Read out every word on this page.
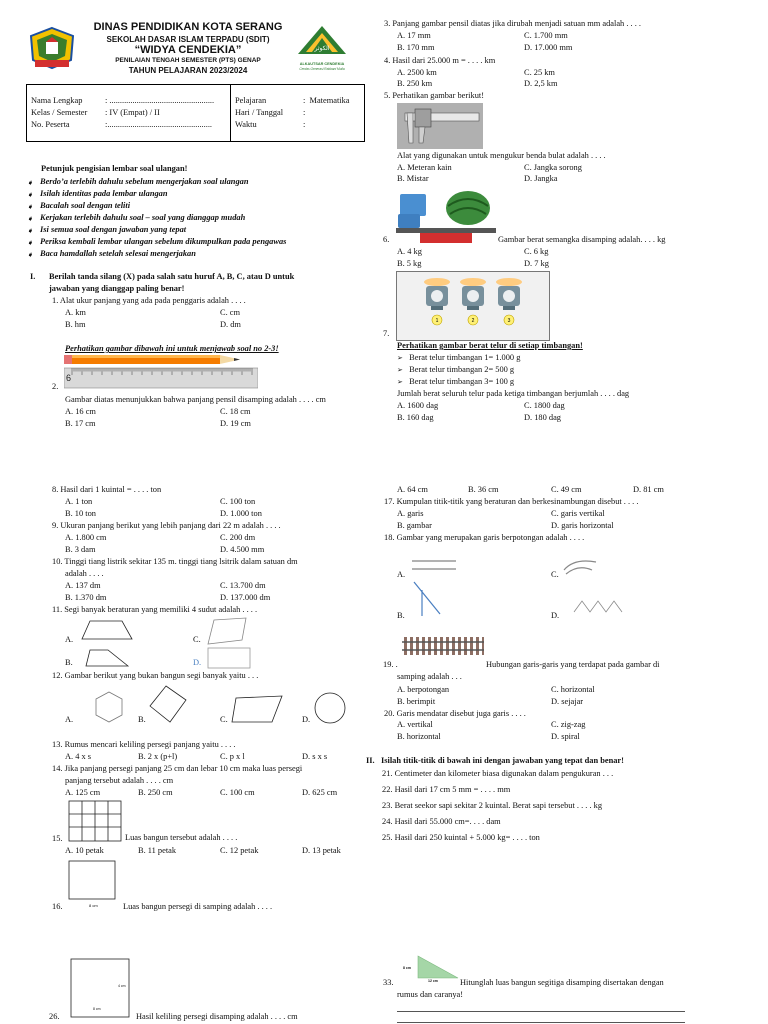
DINAS PENDIDIKAN KOTA SERANG
SEKOLAH DASAR ISLAM TERPADU (SDIT)
“WIDYA CENDEKIA”
PENILAIAN TENGAH SEMESTER (PTS) GENAP
TAHUN PELAJARAN 2023/2024
الكوثر
ALKAUTSAR CENDEKIA
Cerdas Generasi Rabbani Mulia
Nama Lengkap	: ..................................................	Pelajaran	: Matematika
Kelas / Semester	: IV (Empat) / II	Hari / Tanggal	:
No. Peserta	:..................................................	Waktu	:
Petunjuk pengisian lembar soal ulangan!
➧ Berdo’a terlebih dahulu sebelum mengerjakan soal ulangan
➧ Isilah identitas pada lembar ulangan
➧ Bacalah soal dengan teliti
➧ Kerjakan terlebih dahulu soal – soal yang dianggap mudah
➧ Isi semua soal dengan jawaban yang tepat
➧ Periksa kembali lembar ulangan sebelum dikumpulkan pada pengawas
➧ Baca hamdallah setelah selesai mengerjakan
I. Berilah tanda silang (X) pada salah satu huruf A, B, C, atau D untuk
jawaban yang dianggap paling benar!
1. Alat ukur panjang yang ada pada penggaris adalah . . . .
A. km	C. cm
B. hm	D. dm
Perhatikan gambar dibawah ini untuk menjawab soal no 2-3!
6
2.
Gambar diatas menunjukkan bahwa panjang pensil disamping adalah . . . . cm
A. 16 cm	C. 18 cm
B. 17 cm	D. 19 cm
3. Panjang gambar pensil diatas jika dirubah menjadi satuan mm adalah . . . .
A. 17 mm	C. 1.700 mm
B. 170 mm	D. 17.000 mm
4. Hasil dari 25.000 m = . . . . km
A. 2500 km	C. 25 km
B. 250 km	D. 2,5 km
5. Perhatikan gambar berikut!
Alat yang digunakan untuk mengukur benda bulat adalah . . . .
A. Meteran kain	C. Jangka sorong
B. Mistar	D. Jangka
6.	Gambar berat semangka disamping adalah. . . . kg
A. 4 kg	C. 6 kg
B. 5 kg	D. 7 kg
1	2	3
7.
Perhatikan gambar berat telur di setiap timbangan!
➢ Berat telur timbangan 1= 1.000 g
➢ Berat telur timbangan 2= 500 g
➢ Berat telur timbangan 3= 100 g
Jumlah berat seluruh telur pada ketiga timbangan berjumlah . . . . dag
A. 1600 dag	C. 1800 dag
B. 160 dag	D. 180 dag
8. Hasil dari 1 kuintal = . . . . ton
A. 1 ton	C. 100 ton
B. 10 ton	D. 1.000 ton
9. Ukuran panjang berikut yang lebih panjang dari 22 m adalah . . . .
A. 1.800 cm	C. 200 dm
B. 3 dam	D. 4.500 mm
10. Tinggi tiang listrik sekitar 135 m. tinggi tiang lsitrik dalam satuan dm
adalah . . . .
A. 137 dm	C. 13.700 dm
B. 1.370 dm	D. 137.000 dm
11. Segi banyak beraturan yang memiliki 4 sudut adalah . . . .
A.	C.
B.	D.
12. Gambar berikut yang bukan bangun segi banyak yaitu . . .
A.	B.	C.	D.
13. Rumus mencari keliling persegi panjang yaitu . . . .
A. 4 x s	B. 2 x (p+l)	C. p x l	D. s x s
14. Jika panjang persegi panjang 25 cm dan lebar 10 cm maka luas persegi
panjang tersebut adalah . . . . cm
A. 125 cm	B. 250 cm	C. 100 cm	D. 625 cm
15.	Luas bangun tersebut adalah . . . .
A. 10 petak	B. 11 petak	C. 12 petak	D. 13 petak
8 cm
16.	Luas bangun persegi di samping adalah . . . .
4 cm
8 cm
26.	Hasil keliling persegi disamping adalah . . . . cm
A. 64 cm	B. 36 cm	C. 49 cm	D. 81 cm
17. Kumpulan titik-titik yang beraturan dan berkesinambungan disebut . . . .
A. garis	C. garis vertikal
B. gambar	D. garis horizontal
18. Gambar yang merupakan garis berpotongan adalah . . . .
A.	C.
B.	D.
19. .	Hubungan garis-garis yang terdapat pada gambar di
samping adalah . . .
A. berpotongan	C. horizontal
B. berimpit	D. sejajar
20. Garis mendatar disebut juga garis . . . .
A. vertikal	C. zig-zag
B. horizontal	D. spiral
II. Isilah titik-titik di bawah ini dengan jawaban yang tepat dan benar!
21. Centimeter dan kilometer biasa digunakan dalam pengukuran . . .
22. Hasil dari 17 cm 5 mm = . . . . mm
23. Berat seekor sapi sekitar 2 kuintal. Berat sapi tersebut . . . . kg
24. Hasil dari 55.000 cm=. . . . dam
25. Hasil dari 250 kuintal + 5.000 kg= . . . . ton
8 cm
12 cm
33.	Hitunglah luas bangun segitiga disamping disertakan dengan
rumus dan caranya!
